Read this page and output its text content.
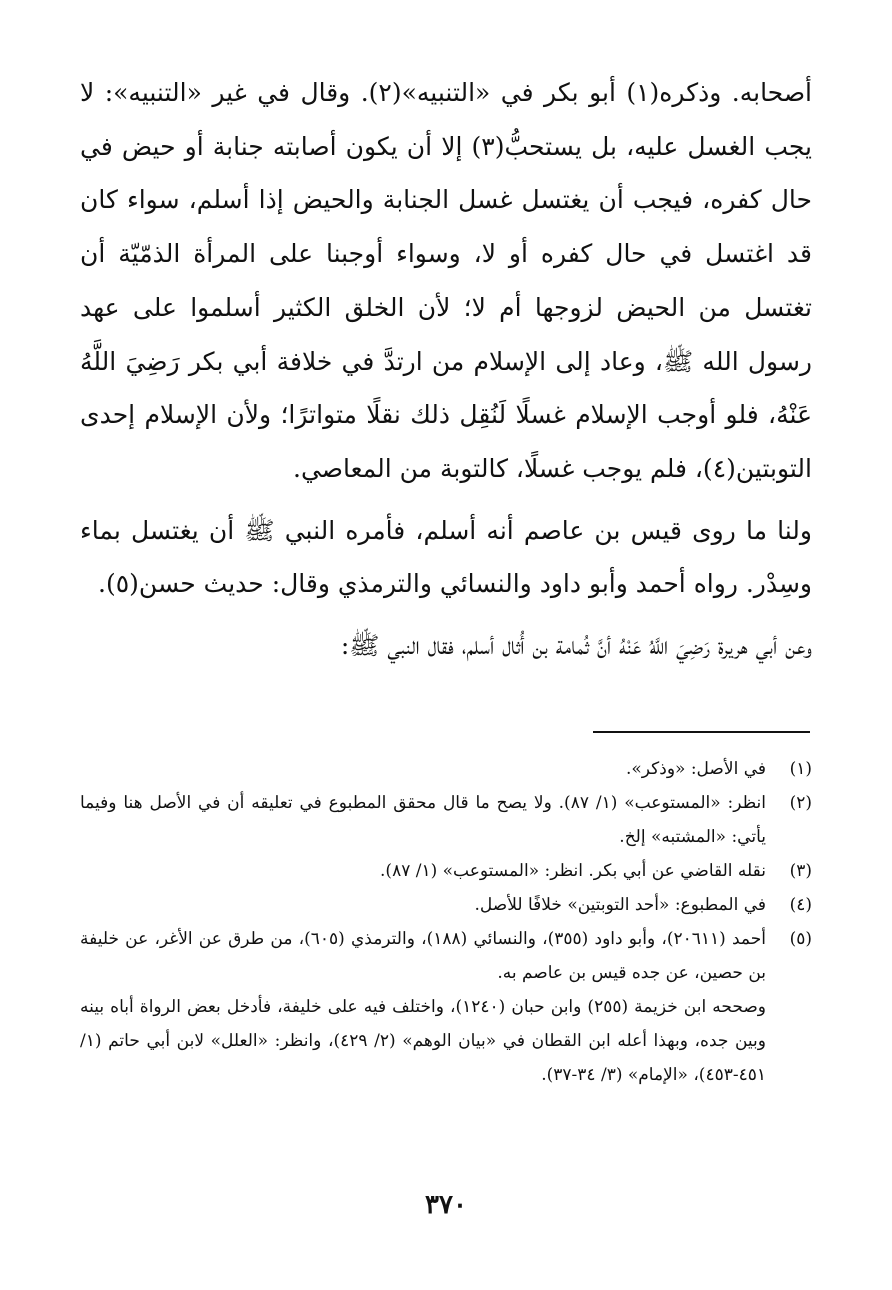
أصحابه. وذكره(١) أبو بكر في «التنبيه»(٢). وقال في غير «التنبيه»: لا يجب الغسل عليه، بل يستحبُّ(٣) إلا أن يكون أصابته جنابة أو حيض في حال كفره، فيجب أن يغتسل غسل الجنابة والحيض إذا أسلم، سواء كان قد اغتسل في حال كفره أو لا، وسواء أوجبنا على المرأة الذمّيّة أن تغتسل من الحيض لزوجها أم لا؛ لأن الخلق الكثير أسلموا على عهد رسول الله ﷺ، وعاد إلى الإسلام من ارتدَّ في خلافة أبي بكر رَضِيَ اللَّهُ عَنْهُ، فلو أوجب الإسلام غسلًا لَنُقِل ذلك نقلًا متواترًا؛ ولأن الإسلام إحدى التوبتين(٤)، فلم يوجب غسلًا، كالتوبة من المعاصي.

ولنا ما روى قيس بن عاصم أنه أسلم، فأمره النبي ﷺ أن يغتسل بماء وسِدْر. رواه أحمد وأبو داود والنسائي والترمذي وقال: حديث حسن(٥).

وعن أبي هريرة رَضِيَ اللَّهُ عَنْهُ أنَّ ثُمامة بن أُثال أسلم، فقال النبي ﷺ:

(١)

في الأصل: «وذكر».

(٢)

انظر: «المستوعب» (١/ ٨٧). ولا يصح ما قال محقق المطبوع في تعليقه أن في الأصل هنا وفيما يأتي: «المشتبه» إلخ.

(٣)

نقله القاضي عن أبي بكر. انظر: «المستوعب» (١/ ٨٧).

(٤)

في المطبوع: «أحد التوبتين» خلافًا للأصل.

(٥)

أحمد (٢٠٦١١)، وأبو داود (٣٥٥)، والنسائي (١٨٨)، والترمذي (٦٠٥)، من طرق عن الأغر، عن خليفة بن حصين، عن جده قيس بن عاصم به.

وصححه ابن خزيمة (٢٥٥) وابن حبان (١٢٤٠)، واختلف فيه على خليفة، فأدخل بعض الرواة أباه بينه وبين جده، وبهذا أعله ابن القطان في «بيان الوهم» (٢/ ٤٢٩)، وانظر: «العلل» لابن أبي حاتم (١/ ٤٥١-٤٥٣)، «الإمام» (٣/ ٣٤-٣٧).

٣٧٠
